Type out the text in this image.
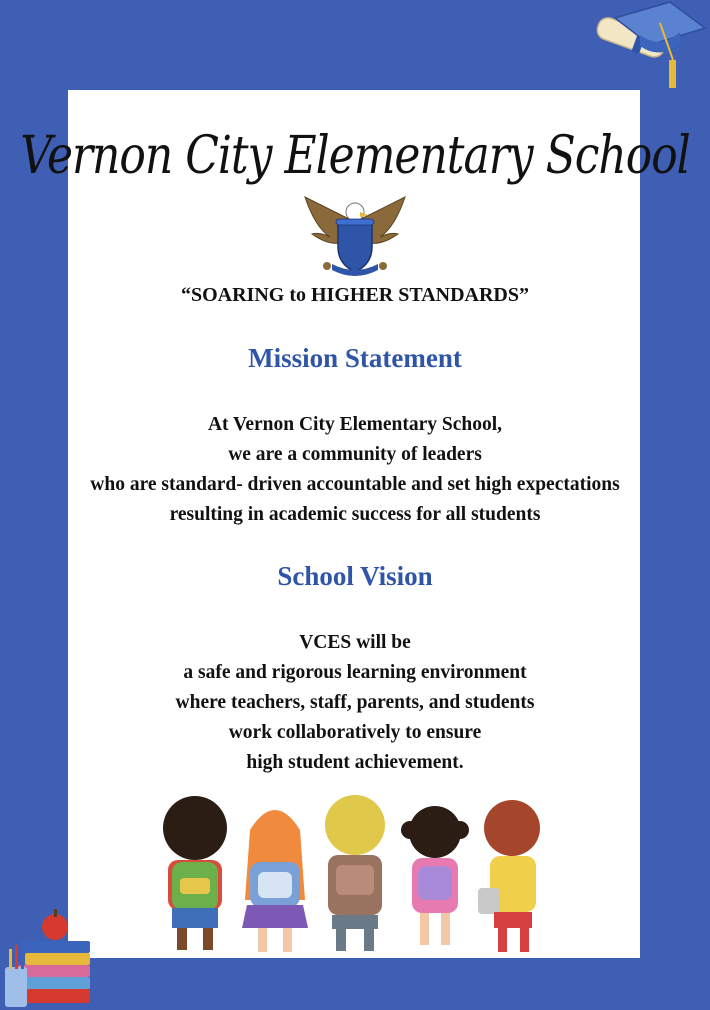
Vernon City Elementary School
“SOARING to HIGHER STANDARDS”
Mission Statement
At Vernon City Elementary School,
we are a community of leaders
who are standard- driven accountable and set high expectations
resulting in academic success for all students
School Vision
VCES will be
a safe and rigorous learning environment
where teachers, staff, parents, and students
work collaboratively to ensure
high student achievement.
